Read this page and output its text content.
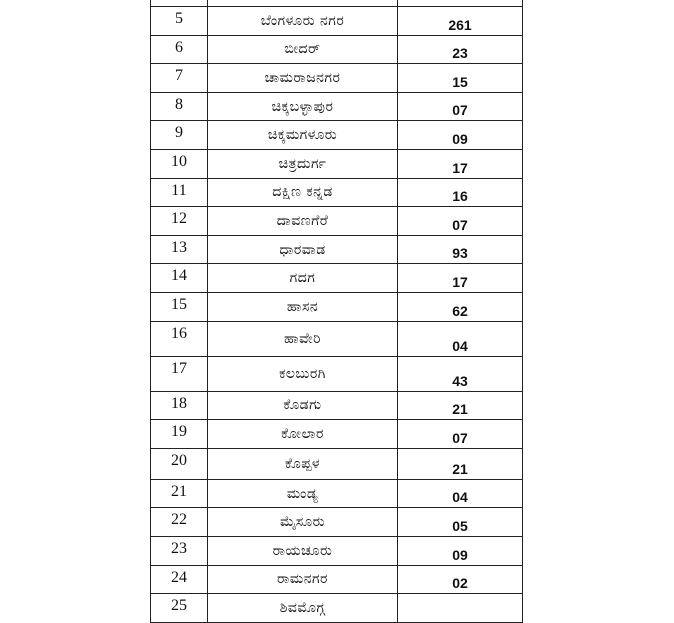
5	ಬೆಂಗಳೂರು ನಗರ	261
6	ಬೀದರ್	23
7	ಚಾಮರಾಜನಗರ	15
8	ಚಿಕ್ಕಬಳ್ಳಾಪುರ	07
9	ಚಿಕ್ಕಮಗಳೂರು	09
10	ಚಿತ್ರದುರ್ಗ	17
11	ದಕ್ಷಿಣ ಕನ್ನಡ	16
12	ದಾವಣಗೆರೆ	07
13	ಧಾರವಾಡ	93
14	ಗದಗ	17
15	ಹಾಸನ	62
16	ಹಾವೇರಿ	04
17	ಕಲಬುರಗಿ	43
18	ಕೊಡಗು	21
19	ಕೋಲಾರ	07
20	ಕೊಪ್ಪಳ	21
21	ಮಂಡ್ಯ	04
22	ಮೈಸೂರು	05
23	ರಾಯಚೂರು	09
24	ರಾಮನಗರ	02
25	ಶಿವಮೊಗ್ಗ	
